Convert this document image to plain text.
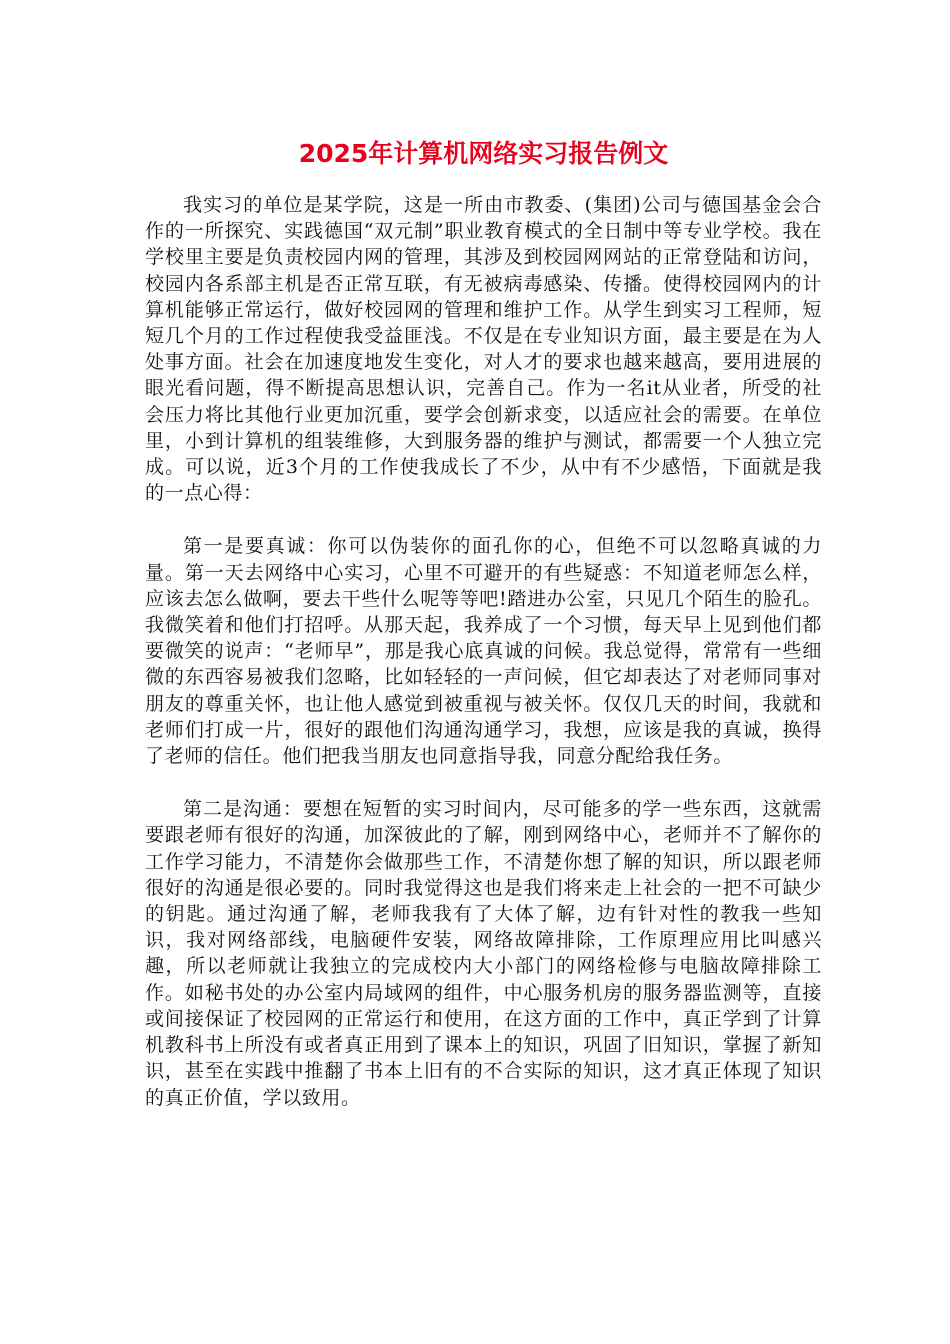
2025年计算机网络实习报告例文

我实习的单位是某学院，这是一所由市教委、(集团)公司与德国基金会合作的一所探究、实践德国“双元制”职业教育模式的全日制中等专业学校。我在学校里主要是负责校园内网的管理，其涉及到校园网网站的正常登陆和访问，校园内各系部主机是否正常互联，有无被病毒感染、传播。使得校园网内的计算机能够正常运行，做好校园网的管理和维护工作。从学生到实习工程师，短短几个月的工作过程使我受益匪浅。不仅是在专业知识方面，最主要是在为人处事方面。社会在加速度地发生变化，对人才的要求也越来越高，要用进展的眼光看问题，得不断提高思想认识，完善自己。作为一名it从业者，所受的社会压力将比其他行业更加沉重，要学会创新求变，以适应社会的需要。在单位里，小到计算机的组装维修，大到服务器的维护与测试，都需要一个人独立完成。可以说，近3个月的工作使我成长了不少，从中有不少感悟，下面就是我的一点心得：

第一是要真诚：你可以伪装你的面孔你的心，但绝不可以忽略真诚的力量。第一天去网络中心实习，心里不可避开的有些疑惑：不知道老师怎么样，应该去怎么做啊，要去干些什么呢等等吧!踏进办公室，只见几个陌生的脸孔。我微笑着和他们打招呼。从那天起，我养成了一个习惯，每天早上见到他们都要微笑的说声：“老师早”，那是我心底真诚的问候。我总觉得，常常有一些细微的东西容易被我们忽略，比如轻轻的一声问候，但它却表达了对老师同事对朋友的尊重关怀，也让他人感觉到被重视与被关怀。仅仅几天的时间，我就和老师们打成一片，很好的跟他们沟通沟通学习，我想，应该是我的真诚，换得了老师的信任。他们把我当朋友也同意指导我，同意分配给我任务。

第二是沟通：要想在短暂的实习时间内，尽可能多的学一些东西，这就需要跟老师有很好的沟通，加深彼此的了解，刚到网络中心，老师并不了解你的工作学习能力，不清楚你会做那些工作，不清楚你想了解的知识，所以跟老师很好的沟通是很必要的。同时我觉得这也是我们将来走上社会的一把不可缺少的钥匙。通过沟通了解，老师我我有了大体了解，边有针对性的教我一些知识，我对网络部线，电脑硬件安装，网络故障排除，工作原理应用比叫感兴趣，所以老师就让我独立的完成校内大小部门的网络检修与电脑故障排除工作。如秘书处的办公室内局域网的组件，中心服务机房的服务器监测等，直接或间接保证了校园网的正常运行和使用，在这方面的工作中，真正学到了计算机教科书上所没有或者真正用到了课本上的知识，巩固了旧知识，掌握了新知识，甚至在实践中推翻了书本上旧有的不合实际的知识，这才真正体现了知识的真正价值，学以致用。
